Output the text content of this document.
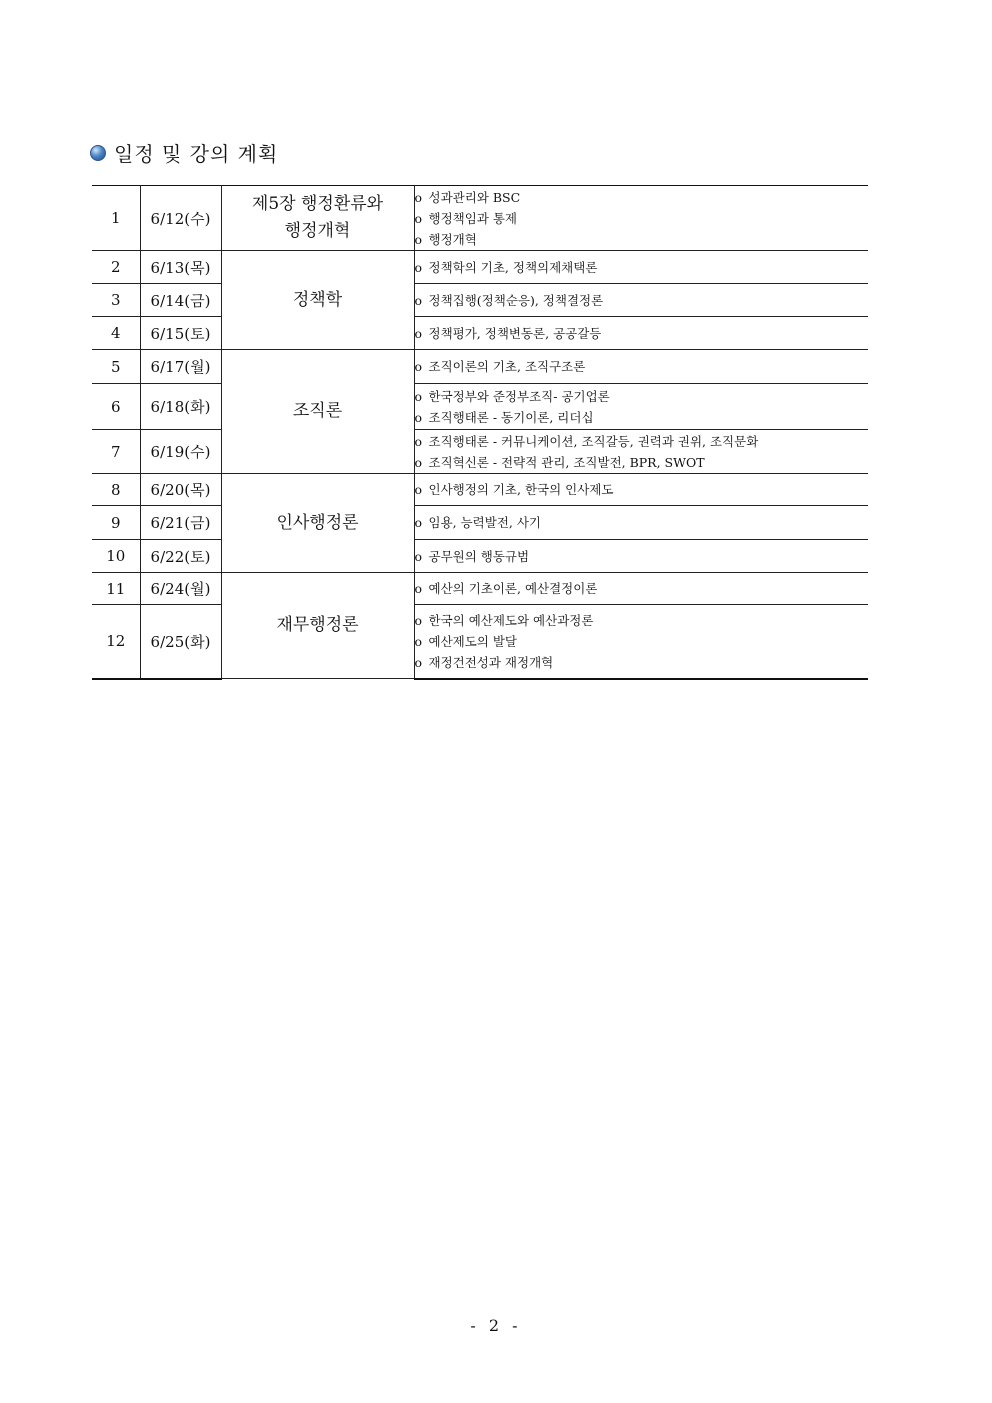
일정 및 강의 계획
1	6/12(수)	제5장 행정환류와 행정개혁	o 성과관리와 BSC
o 행정책임과 통제
o 행정개혁

2	6/13(목)	정책학	o 정책학의 기초, 정책의제채택론

3	6/14(금)		o 정책집행(정책순응), 정책결정론

4	6/15(토)		o 정책평가, 정책변동론, 공공갈등

5	6/17(월)	조직론	o 조직이론의 기초, 조직구조론

6	6/18(화)		o 한국정부와 준정부조직- 공기업론
o 조직행태론 - 동기이론, 리더십

7	6/19(수)		o 조직행태론 - 커뮤니케이션, 조직갈등, 권력과 권위, 조직문화
o 조직혁신론 - 전략적 관리, 조직발전, BPR, SWOT

8	6/20(목)	인사행정론	o 인사행정의 기초, 한국의 인사제도

9	6/21(금)		o 임용, 능력발전, 사기

10	6/22(토)		o 공무원의 행동규범

11	6/24(월)	재무행정론	o 예산의 기초이론, 예산결정이론

12	6/25(화)		o 한국의 예산제도와 예산과정론
o 예산제도의 발달
o 재정건전성과 재정개혁
- 2 -
